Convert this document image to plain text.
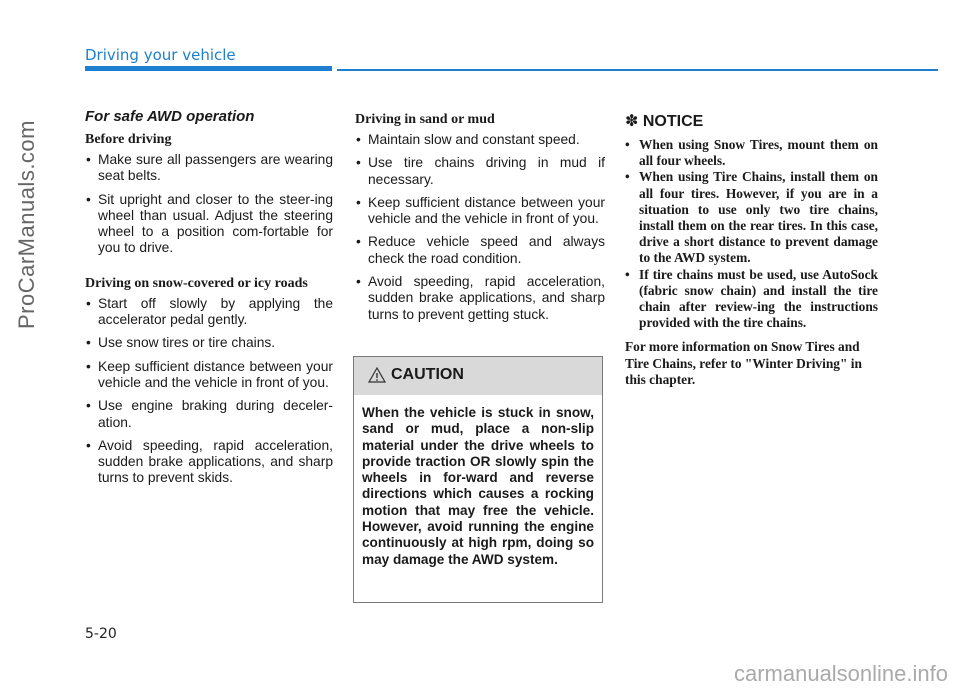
Driving your vehicle
ProCarManuals.com
For safe AWD operation
Before driving
• Make sure all passengers are wearing seat belts.
• Sit upright and closer to the steer-ing wheel than usual. Adjust the steering wheel to a position com-fortable for you to drive.
Driving on snow-covered or icy roads
• Start off slowly by applying the accelerator pedal gently.
• Use snow tires or tire chains.
• Keep sufficient distance between your vehicle and the vehicle in front of you.
• Use engine braking during deceler-ation.
• Avoid speeding, rapid acceleration, sudden brake applications, and sharp turns to prevent skids.
Driving in sand or mud
• Maintain slow and constant speed.
• Use tire chains driving in mud if necessary.
• Keep sufficient distance between your vehicle and the vehicle in front of you.
• Reduce vehicle speed and always check the road condition.
• Avoid speeding, rapid acceleration, sudden brake applications, and sharp turns to prevent getting stuck.
CAUTION
When the vehicle is stuck in snow, sand or mud, place a non-slip material under the drive wheels to provide traction OR slowly spin the wheels in for-ward and reverse directions which causes a rocking motion that may free the vehicle. However, avoid running the engine continuously at high rpm, doing so may damage the AWD system.
✽ NOTICE
• When using Snow Tires, mount them on all four wheels.
• When using Tire Chains, install them on all four tires. However, if you are in a situation to use only two tire chains, install them on the rear tires. In this case, drive a short distance to prevent damage to the AWD system.
• If tire chains must be used, use AutoSock (fabric snow chain) and install the tire chain after review-ing the instructions provided with the tire chains.

For more information on Snow Tires and Tire Chains, refer to "Winter Driving" in this chapter.

5-20
carmanualsonline.info
